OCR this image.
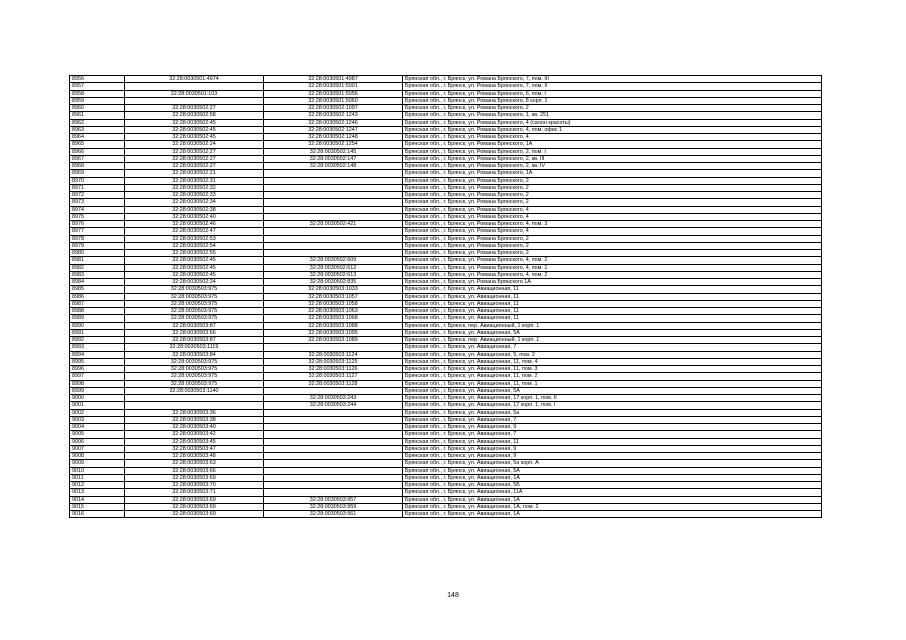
8956	32:28:0030501:4974	32:28:0030501:4987	Брянская обл., г. Брянск, ул. Романа Брянского, 7, пом. III
8957		32:28:0030501:5001	Брянская обл., г. Брянск, ул. Романа Брянского, 7, пом. II
8958	32:28:0030501:103	32:28:0030501:5056	Брянская обл., г. Брянск, ул. Романа Брянского, 6, пом. I
8959		32:28:0030501:5060	Брянская обл., г. Брянск, ул. Романа Брянского, 8 корп. 1
8960	32:28:0030502:27	32:28:0030502:1097	Брянская обл., г. Брянск, ул. Романа Брянского, 2
8961	32:28:0030502:58	32:28:0030502:1243	Брянская обл., г. Брянск, ул. Романа Брянского, 1, кв. 251
8962	32:28:0030502:45	32:28:0030502:1246	Брянская обл., г. Брянск, ул. Романа Брянского, 4 (салон красоты)
8963	32:28:0030502:45	32:28:0030502:1247	Брянская обл., г. Брянск, ул. Романа Брянского, 4, пом. офис 1
8964	32:28:0030502:45	32:28:0030502:1248	Брянская обл., г. Брянск, ул. Романа Брянского, 4
8965	32:28:0030502:24	32:28:0030502:1254	Брянская обл., г. Брянск, ул. Романа Брянского, 1А
8966	32:28:0030502:27	32:28:0030502:145	Брянская обл., г. Брянск, ул. Романа Брянского, 2, пом. I
8967	32:28:0030502:27	32:28:0030502:147	Брянская обл., г. Брянск, ул. Романа Брянского, 2, кв. III
8968	32:28:0030502:27	32:28:0030502:148	Брянская обл., г. Брянск, ул. Романа Брянского, 2, кв. IV
8969	32:28:0030502:21		Брянская обл., г. Брянск, ул. Романа Брянского, 1А
8970	32:28:0030502:31		Брянская обл., г. Брянск, ул. Романа Брянского, 2
8971	32:28:0030502:32		Брянская обл., г. Брянск, ул. Романа Брянского, 2
8972	32:28:0030502:33		Брянская обл., г. Брянск, ул. Романа Брянского, 2
8973	32:28:0030502:34		Брянская обл., г. Брянск, ул. Романа Брянского, 2
8974	32:28:0030502:38		Брянская обл., г. Брянск, ул. Романа Брянского, 4
8975	32:28:0030502:40		Брянская обл., г. Брянск, ул. Романа Брянского, 4
8976	32:28:0030502:46	32:28:0030502:421	Брянская обл., г. Брянск, ул. Романа Брянского, 4, пом. 3
8977	32:28:0030502:47		Брянская обл., г. Брянск, ул. Романа Брянского, 4
8978	32:28:0030502:53		Брянская обл., г. Брянск, ул. Романа Брянского, 2
8979	32:28:0030502:54		Брянская обл., г. Брянск, ул. Романа Брянского, 2
8980	32:28:0030502:55		Брянская обл., г. Брянск, ул. Романа Брянского, 2
8981	32:28:0030502:45	32:28:0030502:609	Брянская обл., г. Брянск, ул. Романа Брянского, 4, пом. 2
8982	32:28:0030502:45	32:28:0030502:612	Брянская обл., г. Брянск, ул. Романа Брянского, 4, пом. 1
8983	32:28:0030502:45	32:28:0030502:613	Брянская обл., г. Брянск, ул. Романа Брянского, 4, пом. 2
8984	32:28:0030502:24	32:28:0030502:835	Брянская обл., г. Брянск, ул. Романа Брянского 1А
8985	32:28:0030503:975	32:28:0030503:1033	Брянская обл., г. Брянск, ул. Авиационная, 11
8986	32:28:0030503:975	32:28:0030503:1057	Брянская обл., г. Брянск, ул. Авиационная, 11
8987	32:28:0030503:975	32:28:0030503:1058	Брянская обл., г. Брянск, ул. Авиационная, 11
8988	32:28:0030503:975	32:28:0030503:1063	Брянская обл., г. Брянск, ул. Авиационная, 11
8989	32:28:0030503:975	32:28:0030503:1068	Брянская обл., г. Брянск, ул. Авиационная, 11
8990	32:28:0030503:87	32:28:0030503:1088	Брянская обл., г. Брянск, пер. Авиационный, 1 корп. 1
8991	32:28:0030503:66	32:28:0030503:1095	Брянская обл., г. Брянск, ул. Авиационная, 5А
8992	32:28:0030503:87	32:28:0030503:1089	Брянская обл., г. Брянск, пер. Авиационный, 1 корп. 1
8993	32:28:0030503:1119		Брянская обл., г. Брянск, ул. Авиационная, 7
8994	32:28:0030503:84	32:28:0030503:1124	Брянская обл., г. Брянск, ул. Авиационная, 5, пом. 2
8995	32:28:0030503:975	32:28:0030503:1125	Брянская обл., г. Брянск, ул. Авиационная, 11, пом. 4
8996	32:28:0030503:975	32:28:0030503:1126	Брянская обл., г. Брянск, ул. Авиационная, 11, пом. 3
8997	32:28:0030503:975	32:28:0030503:1127	Брянская обл., г. Брянск, ул. Авиационная, 11, пом. 2
8998	32:28:0030503:975	32:28:0030503:1128	Брянская обл., г. Брянск, ул. Авиационная, 11, пом. 1
8999	32:28:0030503:1140		Брянская обл., г. Брянск, ул. Авиационная, 5А
9000		32:28:0030503:243	Брянская обл., г. Брянск, ул. Авиационная, 17 корп. 1, пом. II
9001		32:28:0030503:244	Брянская обл., г. Брянск, ул. Авиационная, 17 корп. 1, пом. I
9002	32:28:0030503:36		Брянская обл., г. Брянск, ул. Авиационная, 5а
9003	32:28:0030503:38		Брянская обл., г. Брянск, ул. Авиационная, 7
9004	32:28:0030503:40		Брянская обл., г. Брянск, ул. Авиационная, 9
9005	32:28:0030503:42		Брянская обл., г. Брянск, ул. Авиационная, 7
9006	32:28:0030503:45		Брянская обл., г. Брянск, ул. Авиационная, 11
9007	32:28:0030503:47		Брянская обл., г. Брянск, ул. Авиационная, 9
9008	32:28:0030503:48		Брянская обл., г. Брянск, ул. Авиационная, 9
9009	32:28:0030503:63		Брянская обл., г. Брянск, ул. Авиационная, 5а корп. А
9010	32:28:0030503:66		Брянская обл., г. Брянск, ул. Авиационная, 5А
9011	32:28:0030503:69		Брянская обл., г. Брянск, ул. Авиационная, 1А
9012	32:28:0030503:70		Брянская обл., г. Брянск, ул. Авиационная, 5Б
9013	32:28:0030503:71		Брянская обл., г. Брянск, ул. Авиационная, 11А
9014	32:28:0030503:69	32:28:0030503:957	Брянская обл., г. Брянск, ул. Авиационная, 1А
9015	32:28:0030503:69	32:28:0030503:959	Брянская обл., г. Брянск, ул. Авиационная, 1А, пом. 2
9016	32:28:0030503:69	32:28:0030503:961	Брянская обл., г. Брянск, ул. Авиационная, 1А
148
